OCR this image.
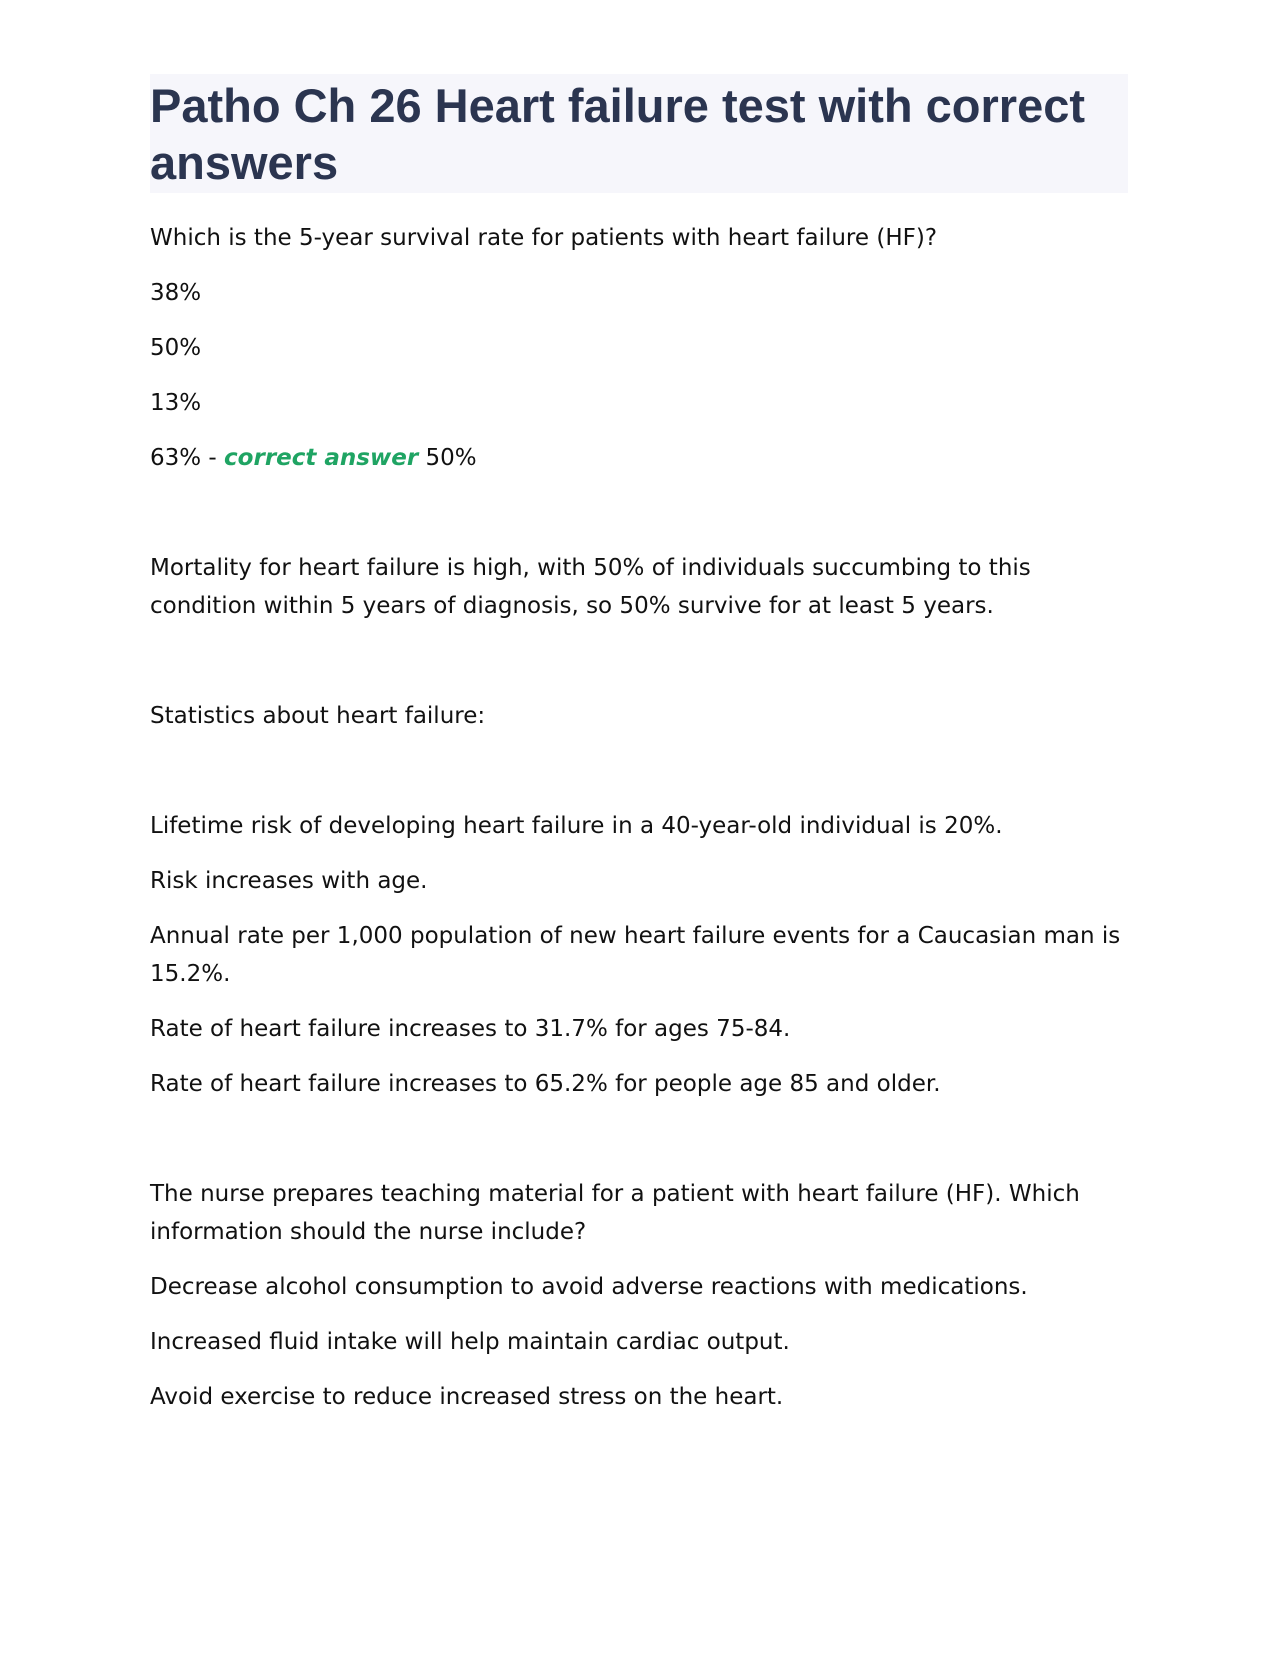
Patho Ch 26 Heart failure test with correct answers

Which is the 5-year survival rate for patients with heart failure (HF)?

38%

50%

13%

63% - correct answer 50%

Mortality for heart failure is high, with 50% of individuals succumbing to this condition within 5 years of diagnosis, so 50% survive for at least 5 years.

Statistics about heart failure:

Lifetime risk of developing heart failure in a 40-year-old individual is 20%.

Risk increases with age.

Annual rate per 1,000 population of new heart failure events for a Caucasian man is 15.2%.

Rate of heart failure increases to 31.7% for ages 75-84.

Rate of heart failure increases to 65.2% for people age 85 and older.

The nurse prepares teaching material for a patient with heart failure (HF). Which information should the nurse include?

Decrease alcohol consumption to avoid adverse reactions with medications.

Increased fluid intake will help maintain cardiac output.

Avoid exercise to reduce increased stress on the heart.
